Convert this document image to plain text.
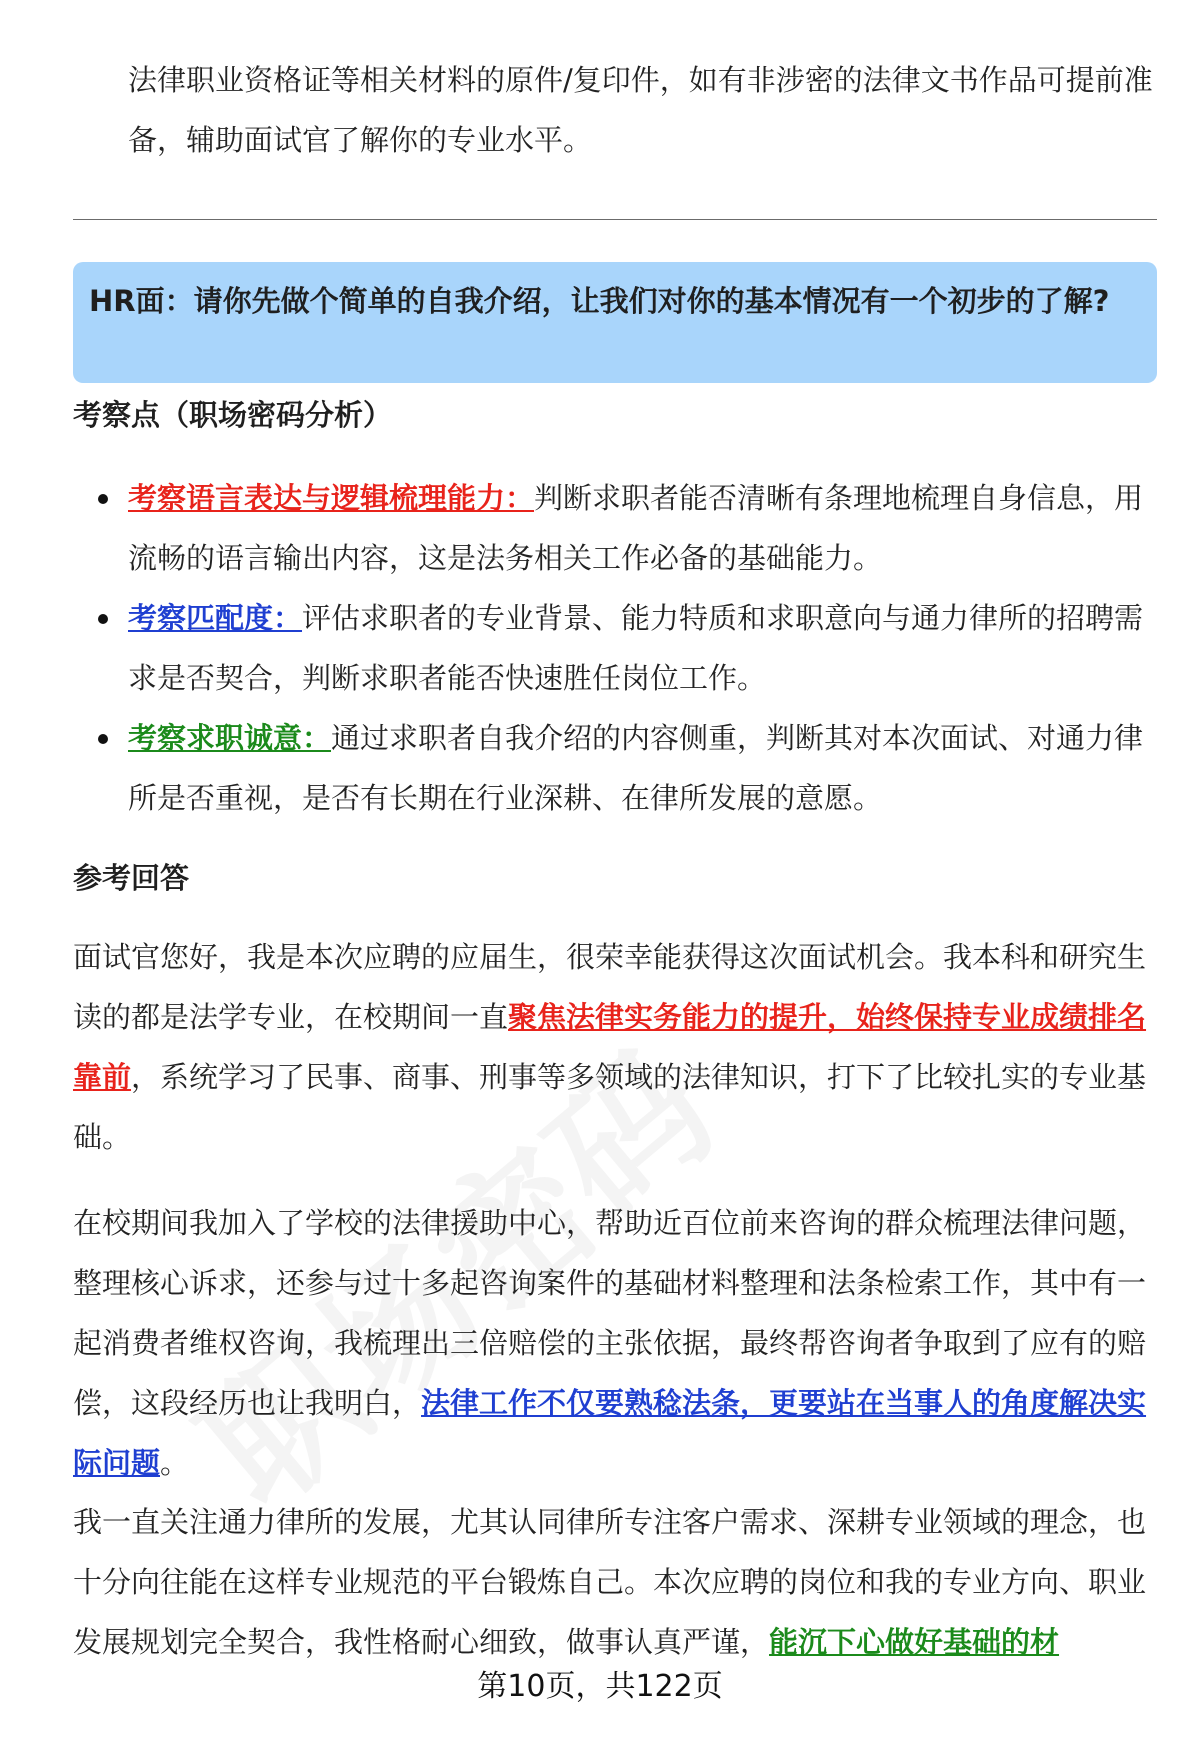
法律职业资格证等相关材料的原件/复印件，如有非涉密的法律文书作品可提前准备，辅助面试官了解你的专业水平。

HR面：请你先做个简单的自我介绍，让我们对你的基本情况有一个初步的了解?

考察点（职场密码分析）

考察语言表达与逻辑梳理能力：判断求职者能否清晰有条理地梳理自身信息，用流畅的语言输出内容，这是法务相关工作必备的基础能力。
考察匹配度：评估求职者的专业背景、能力特质和求职意向与通力律所的招聘需求是否契合，判断求职者能否快速胜任岗位工作。
考察求职诚意：通过求职者自我介绍的内容侧重，判断其对本次面试、对通力律所是否重视，是否有长期在行业深耕、在律所发展的意愿。

参考回答

面试官您好，我是本次应聘的应届生，很荣幸能获得这次面试机会。我本科和研究生读的都是法学专业，在校期间一直聚焦法律实务能力的提升，始终保持专业成绩排名靠前，系统学习了民事、商事、刑事等多领域的法律知识，打下了比较扎实的专业基础。

在校期间我加入了学校的法律援助中心，帮助近百位前来咨询的群众梳理法律问题，整理核心诉求，还参与过十多起咨询案件的基础材料整理和法条检索工作，其中有一起消费者维权咨询，我梳理出三倍赔偿的主张依据，最终帮咨询者争取到了应有的赔偿，这段经历也让我明白，法律工作不仅要熟稔法条，更要站在当事人的角度解决实际问题。

我一直关注通力律所的发展，尤其认同律所专注客户需求、深耕专业领域的理念，也十分向往能在这样专业规范的平台锻炼自己。本次应聘的岗位和我的专业方向、职业发展规划完全契合，我性格耐心细致，做事认真严谨，能沉下心做好基础的材

第10页，共122页
